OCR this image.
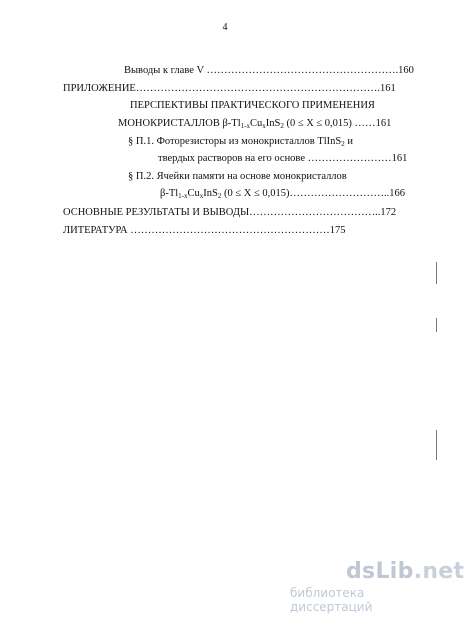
4
Выводы к главе V ……………………………………………….160
ПРИЛОЖЕНИЕ…………………………………………………………….161
ПЕРСПЕКТИВЫ ПРАКТИЧЕСКОГО ПРИМЕНЕНИЯ
МОНОКРИСТАЛЛОВ $\beta-Tl_{1-x}Cu_xInS_2$ (0 ≤ X ≤ 0,015) ……161
§ П.1. Фоторезисторы из монокристаллов TlInS$_2$ и
твердых растворов на его основе ……………………161
§ П.2. Ячейки памяти на основе монокристаллов
$\beta-Tl_{1-x}Cu_xInS_2$ (0 ≤ X ≤ 0,015)………………………..166
ОСНОВНЫЕ РЕЗУЛЬТАТЫ И ВЫВОДЫ………………………………..172
ЛИТЕРАТУРА …………………………………………………175
dsLib.net
библиотека диссертаций
